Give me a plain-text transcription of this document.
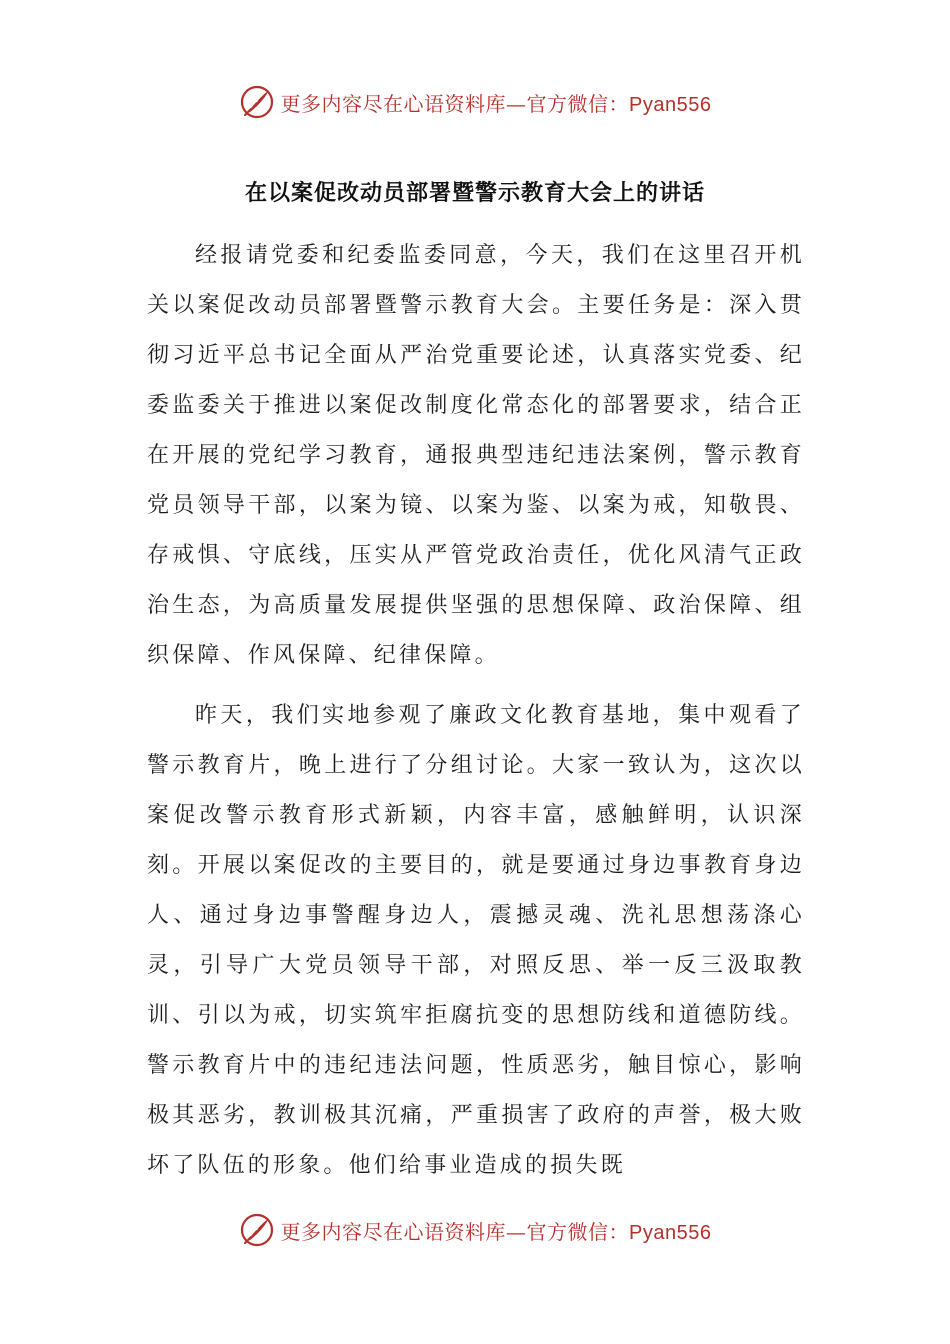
更多内容尽在心语资料库—官方微信：Pyan556
在以案促改动员部署暨警示教育大会上的讲话

经报请党委和纪委监委同意，今天，我们在这里召开机关以案促改动员部署暨警示教育大会。主要任务是：深入贯彻习近平总书记全面从严治党重要论述，认真落实党委、纪委监委关于推进以案促改制度化常态化的部署要求，结合正在开展的党纪学习教育，通报典型违纪违法案例，警示教育党员领导干部，以案为镜、以案为鉴、以案为戒，知敬畏、存戒惧、守底线，压实从严管党政治责任，优化风清气正政治生态，为高质量发展提供坚强的思想保障、政治保障、组织保障、作风保障、纪律保障。

昨天，我们实地参观了廉政文化教育基地，集中观看了警示教育片，晚上进行了分组讨论。大家一致认为，这次以案促改警示教育形式新颖，内容丰富，感触鲜明，认识深刻。开展以案促改的主要目的，就是要通过身边事教育身边人、通过身边事警醒身边人，震撼灵魂、洗礼思想荡涤心灵，引导广大党员领导干部，对照反思、举一反三汲取教训、引以为戒，切实筑牢拒腐抗变的思想防线和道德防线。警示教育片中的违纪违法问题，性质恶劣，触目惊心，影响极其恶劣，教训极其沉痛，严重损害了政府的声誉，极大败坏了队伍的形象。他们给事业造成的损失既

更多内容尽在心语资料库—官方微信：Pyan556
